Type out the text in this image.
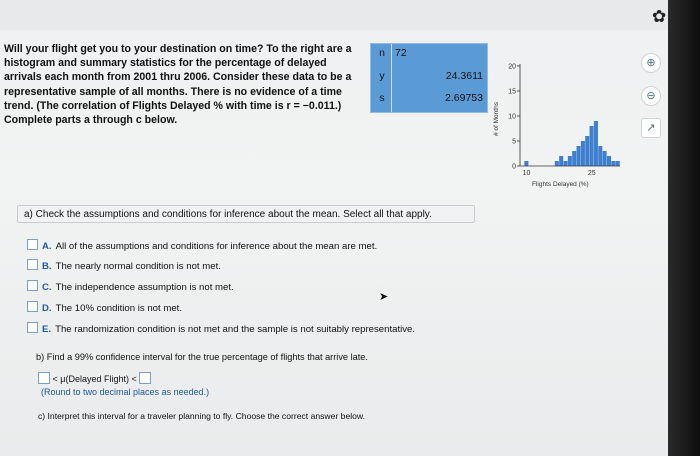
✿
Will your flight get you to your destination on time? To the right are a histogram and summary statistics for the percentage of delayed arrivals each month from 2001 thru 2006. Consider these data to be a representative sample of all months. There is no evidence of a time trend. (The correlation of Flights Delayed % with time is r = −0.011.) Complete parts a through c below.
n 72
y	24.3611
s	2.69753
0
5
10
15
20
10	25
# of Months
Flights Delayed (%)
⊕
⊖
↗
a) Check the assumptions and conditions for inference about the mean. Select all that apply.
A. All of the assumptions and conditions for inference about the mean are met.
B. The nearly normal condition is not met.
C. The independence assumption is not met.
D. The 10% condition is not met.
E. The randomization condition is not met and the sample is not suitably representative.
b) Find a 99% confidence interval for the true percentage of flights that arrive late.
< μ(Delayed Flight) <
(Round to two decimal places as needed.)
c) Interpret this interval for a traveler planning to fly. Choose the correct answer below.
➤
